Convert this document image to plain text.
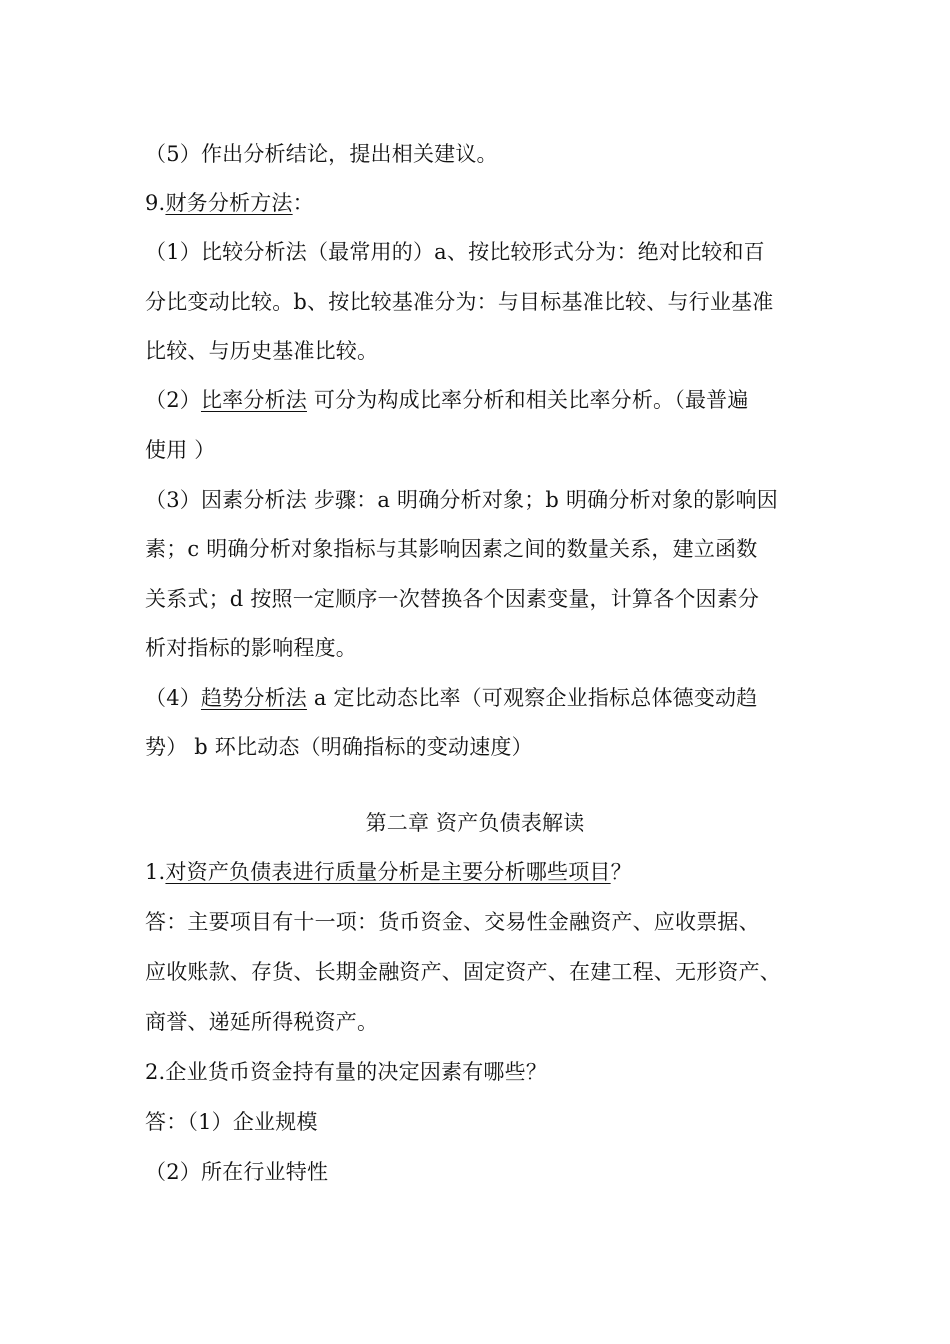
（5）作出分析结论，提出相关建议。
9.财务分析方法：
（1）比较分析法（最常用的）a、按比较形式分为：绝对比较和百
分比变动比较。b、按比较基准分为：与目标基准比较、与行业基准
比较、与历史基准比较。
（2）比率分析法 可分为构成比率分析和相关比率分析。（最普遍
使用 ）
（3）因素分析法 步骤：a 明确分析对象；b 明确分析对象的影响因
素；c 明确分析对象指标与其影响因素之间的数量关系，建立函数
关系式；d 按照一定顺序一次替换各个因素变量，计算各个因素分
析对指标的影响程度。
（4）趋势分析法 a 定比动态比率（可观察企业指标总体德变动趋
势） b 环比动态（明确指标的变动速度）
第二章 资产负债表解读
1.对资产负债表进行质量分析是主要分析哪些项目？
答：主要项目有十一项：货币资金、交易性金融资产、应收票据、
应收账款、存货、长期金融资产、固定资产、在建工程、无形资产、
商誉、递延所得税资产。
2.企业货币资金持有量的决定因素有哪些？
答：（1）企业规模
（2）所在行业特性
